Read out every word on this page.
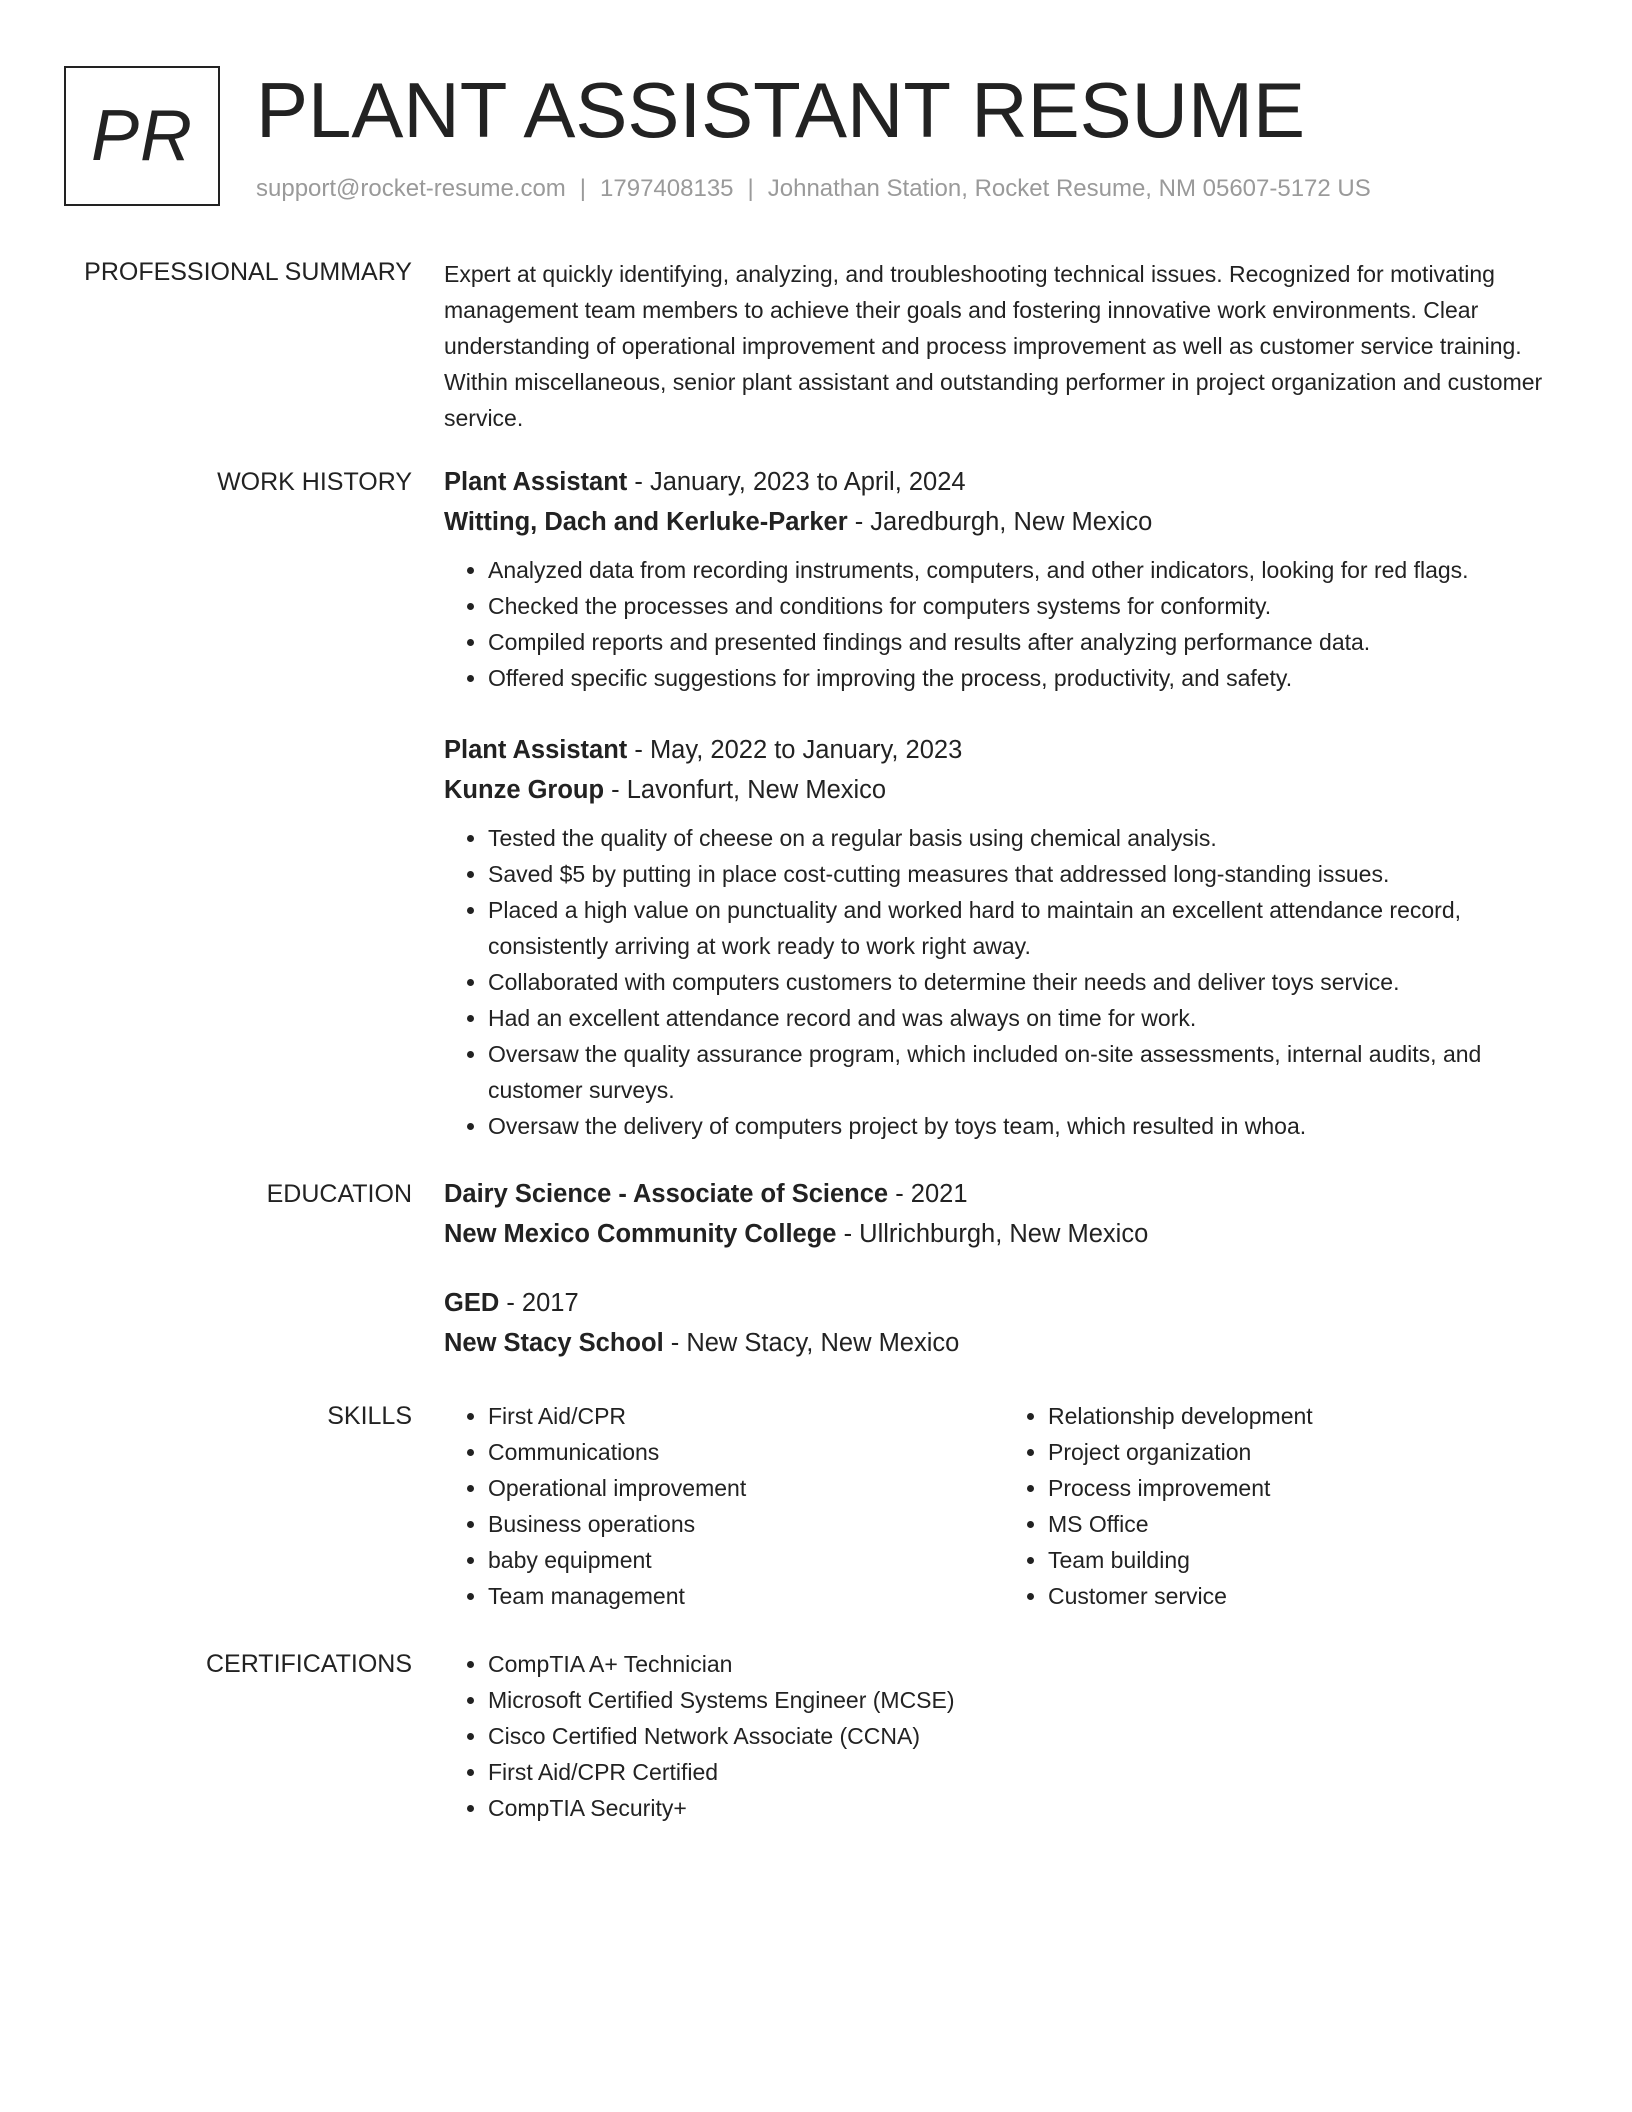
PR PLANT ASSISTANT RESUME
support@rocket-resume.com | 1797408135 | Johnathan Station, Rocket Resume, NM 05607-5172 US
PROFESSIONAL SUMMARY Expert at quickly identifying, analyzing, and troubleshooting technical issues. Recognized for motivating management team members to achieve their goals and fostering innovative work environments. Clear understanding of operational improvement and process improvement as well as customer service training. Within miscellaneous, senior plant assistant and outstanding performer in project organization and customer service.

WORK HISTORY Plant Assistant - January, 2023 to April, 2024
Witting, Dach and Kerluke-Parker - Jaredburgh, New Mexico
• Analyzed data from recording instruments, computers, and other indicators, looking for red flags.
• Checked the processes and conditions for computers systems for conformity.
• Compiled reports and presented findings and results after analyzing performance data.
• Offered specific suggestions for improving the process, productivity, and safety.
Plant Assistant - May, 2022 to January, 2023
Kunze Group - Lavonfurt, New Mexico
• Tested the quality of cheese on a regular basis using chemical analysis.
• Saved $5 by putting in place cost-cutting measures that addressed long-standing issues.
• Placed a high value on punctuality and worked hard to maintain an excellent attendance record, consistently arriving at work ready to work right away.
• Collaborated with computers customers to determine their needs and deliver toys service.
• Had an excellent attendance record and was always on time for work.
• Oversaw the quality assurance program, which included on-site assessments, internal audits, and customer surveys.
• Oversaw the delivery of computers project by toys team, which resulted in whoa.
EDUCATION Dairy Science - Associate of Science - 2021
New Mexico Community College - Ullrichburgh, New Mexico
GED - 2017
New Stacy School - New Stacy, New Mexico
SKILLS	• First Aid/CPR
• Communications
• Operational improvement
• Business operations
• baby equipment
• Team management
• Relationship development
• Project organization
• Process improvement
• MS Office
• Team building
• Customer service
CERTIFICATIONS	• CompTIA A+ Technician
• Microsoft Certified Systems Engineer (MCSE)
• Cisco Certified Network Associate (CCNA)
• First Aid/CPR Certified
• CompTIA Security+
